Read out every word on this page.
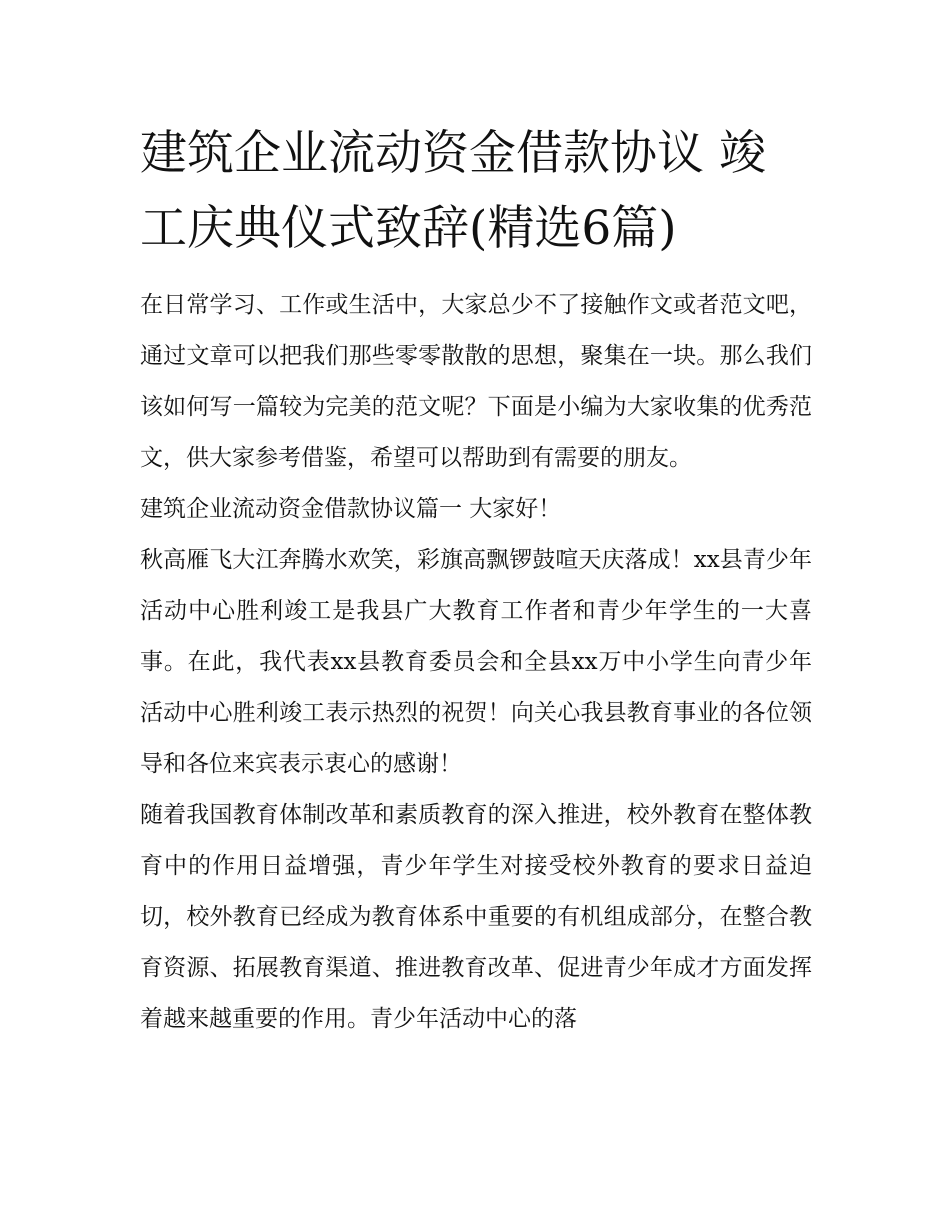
建筑企业流动资金借款协议 竣工庆典仪式致辞(精选6篇)

在日常学习、工作或生活中，大家总少不了接触作文或者范文吧，通过文章可以把我们那些零零散散的思想，聚集在一块。那么我们该如何写一篇较为完美的范文呢？下面是小编为大家收集的优秀范文，供大家参考借鉴，希望可以帮助到有需要的朋友。

建筑企业流动资金借款协议篇一 大家好！

秋高雁飞大江奔腾水欢笑，彩旗高飘锣鼓喧天庆落成！xx县青少年活动中心胜利竣工是我县广大教育工作者和青少年学生的一大喜事。在此，我代表xx县教育委员会和全县xx万中小学生向青少年活动中心胜利竣工表示热烈的祝贺！向关心我县教育事业的各位领导和各位来宾表示衷心的感谢！

随着我国教育体制改革和素质教育的深入推进，校外教育在整体教育中的作用日益增强，青少年学生对接受校外教育的要求日益迫切，校外教育已经成为教育体系中重要的有机组成部分，在整合教育资源、拓展教育渠道、推进教育改革、促进青少年成才方面发挥着越来越重要的作用。青少年活动中心的落
